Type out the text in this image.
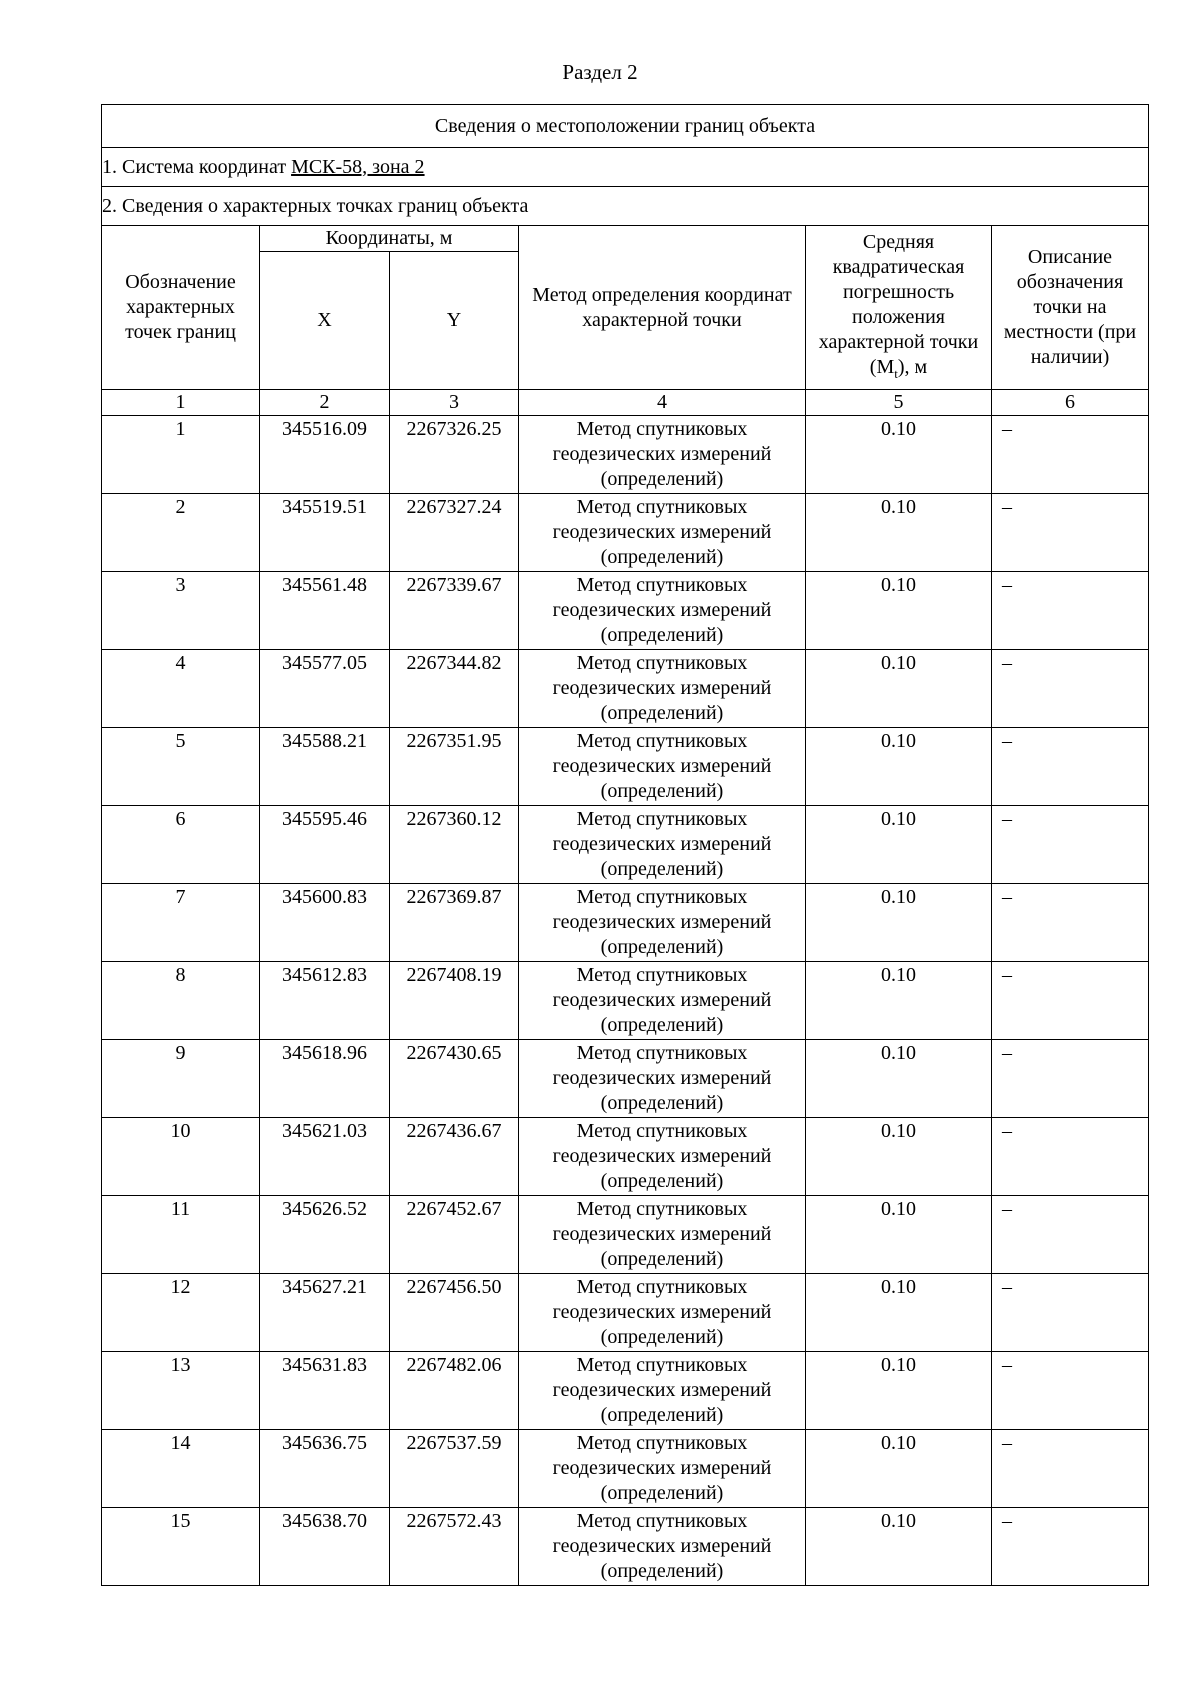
Раздел 2
Сведения о местоположении границ объекта					
1. Система координат МСК-58, зона 2					
2. Сведения о характерных точках границ объекта					
Обозначение характерных точек границ	Координаты, м		Метод определения координат характерной точки	Средняя квадратическая погрешность положения характерной точки $(M_t)$, м	Описание обозначения точки на местности (при наличии)
	X	Y			
1	2	3	4	5	6

1	345516.09	2267326.25	Метод спутниковых геодезических измерений (определений)	0.10	–

2	345519.51	2267327.24	Метод спутниковых геодезических измерений (определений)	0.10	–

3	345561.48	2267339.67	Метод спутниковых геодезических измерений (определений)	0.10	–

4	345577.05	2267344.82	Метод спутниковых геодезических измерений (определений)	0.10	–

5	345588.21	2267351.95	Метод спутниковых геодезических измерений (определений)	0.10	–

6	345595.46	2267360.12	Метод спутниковых геодезических измерений (определений)	0.10	–

7	345600.83	2267369.87	Метод спутниковых геодезических измерений (определений)	0.10	–

8	345612.83	2267408.19	Метод спутниковых геодезических измерений (определений)	0.10	–

9	345618.96	2267430.65	Метод спутниковых геодезических измерений (определений)	0.10	–

10	345621.03	2267436.67	Метод спутниковых геодезических измерений (определений)	0.10	–

11	345626.52	2267452.67	Метод спутниковых геодезических измерений (определений)	0.10	–

12	345627.21	2267456.50	Метод спутниковых геодезических измерений (определений)	0.10	–

13	345631.83	2267482.06	Метод спутниковых геодезических измерений (определений)	0.10	–

14	345636.75	2267537.59	Метод спутниковых геодезических измерений (определений)	0.10	–

15	345638.70	2267572.43	Метод спутниковых геодезических измерений (определений)	0.10	–
